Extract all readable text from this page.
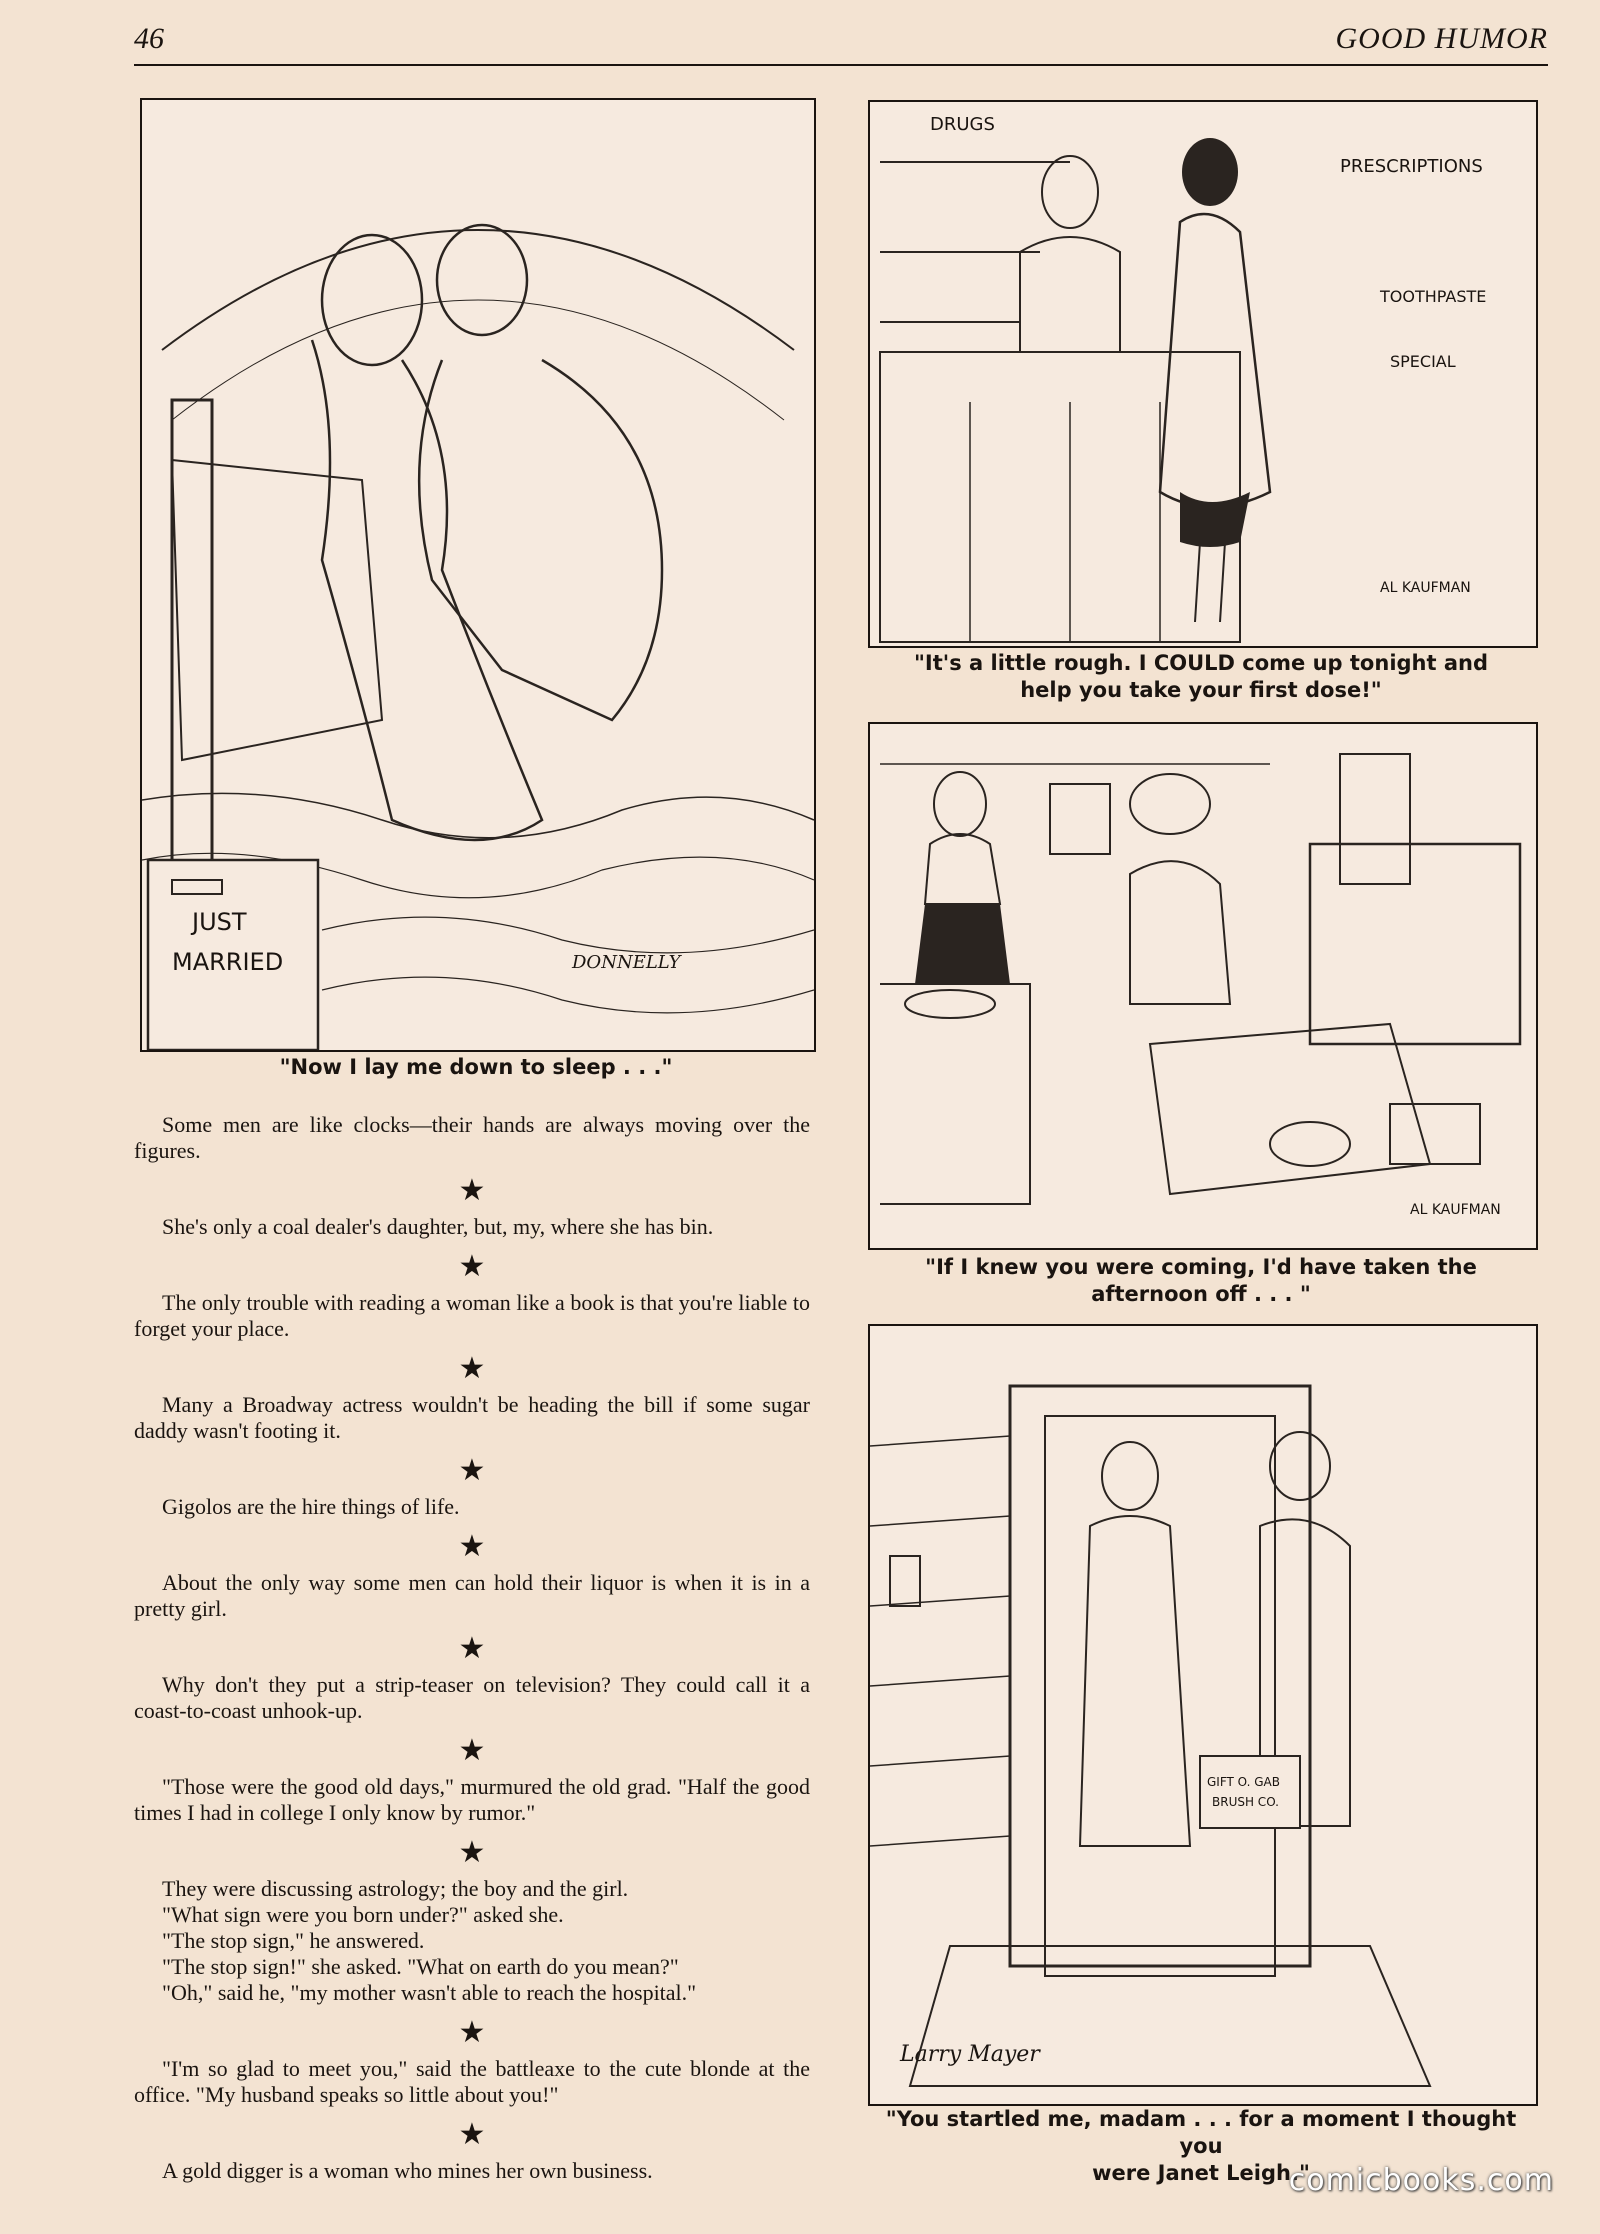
46	GOOD HUMOR
JUST
MARRIED	DONNELLY
"Now I lay me down to sleep . . ."
DRUGS
PRESCRIPTIONS
TOOTHPASTE
SPECIAL
AL KAUFMAN
"It's a little rough. I COULD come up tonight and
help you take your first dose!"
AL KAUFMAN
"If I knew you were coming, I'd have taken the
afternoon off . . . "
GIFT O. GAB
BRUSH CO.
Larry Mayer
"You startled me, madam . . . for a moment I thought you
were Janet Leigh."

Some men are like clocks—their hands are always moving over the figures.

★

She's only a coal dealer's daughter, but, my, where she has bin.

★

The only trouble with reading a woman like a book is that you're liable to forget your place.

★

Many a Broadway actress wouldn't be heading the bill if some sugar daddy wasn't footing it.

★

Gigolos are the hire things of life.

★

About the only way some men can hold their liquor is when it is in a pretty girl.

★

Why don't they put a strip-teaser on television? They could call it a coast-to-coast unhook-up.

★

"Those were the good old days," murmured the old grad. "Half the good times I had in college I only know by rumor."

★

They were discussing astrology; the boy and the girl.
"What sign were you born under?" asked she.
"The stop sign," he answered.
"The stop sign!" she asked. "What on earth do you mean?"
"Oh," said he, "my mother wasn't able to reach the hospital."

★

"I'm so glad to meet you," said the battleaxe to the cute blonde at the office. "My husband speaks so little about you!"

★

A gold digger is a woman who mines her own business.	comicbooks.com
